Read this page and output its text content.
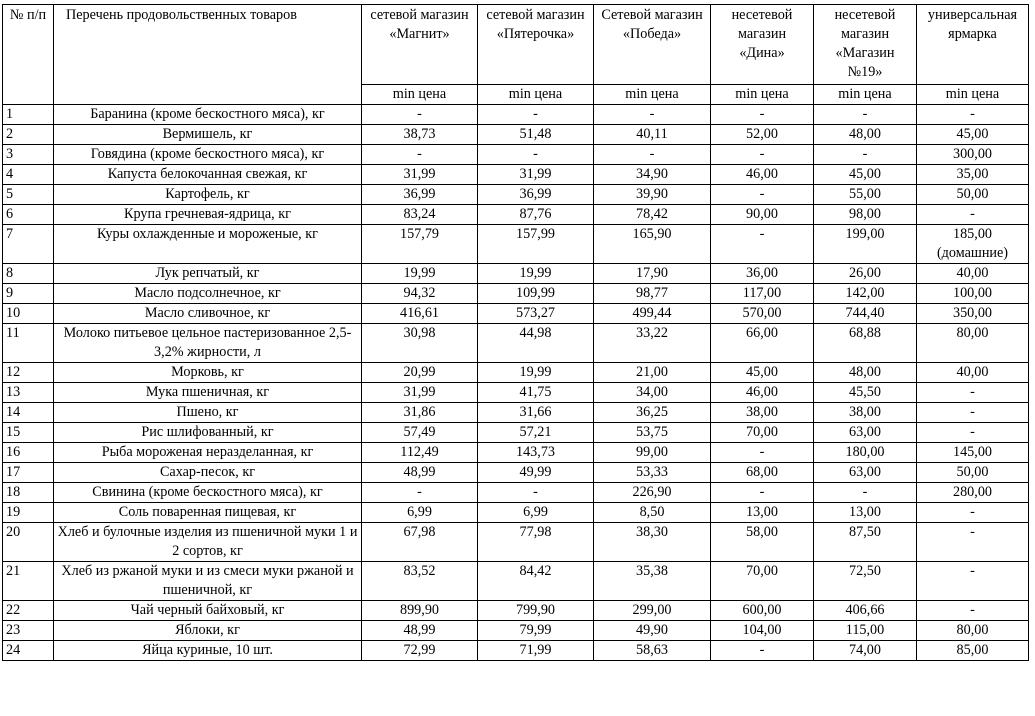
№ п/п	Перечень продовольственных товаров	сетевой магазин «Магнит»	сетевой магазин «Пятерочка»	Сетевой магазин «Победа»	несетевой магазин «Дина»	несетевой магазин «Магазин №19»	универсальная ярмарка
		min цена	min цена	min цена	min цена	min цена	min цена
1	Баранина (кроме бескостного мяса), кг	-	-	-	-	-	-
2	Вермишель, кг	38,73	51,48	40,11	52,00	48,00	45,00
3	Говядина (кроме бескостного мяса), кг	-	-	-	-	-	300,00
4	Капуста белокочанная свежая, кг	31,99	31,99	34,90	46,00	45,00	35,00
5	Картофель, кг	36,99	36,99	39,90	-	55,00	50,00
6	Крупа гречневая-ядрица, кг	83,24	87,76	78,42	90,00	98,00	-
7	Куры охлажденные и мороженые, кг	157,79	157,99	165,90	-	199,00	185,00 (домашние)
8	Лук репчатый, кг	19,99	19,99	17,90	36,00	26,00	40,00
9	Масло подсолнечное, кг	94,32	109,99	98,77	117,00	142,00	100,00
10	Масло сливочное, кг	416,61	573,27	499,44	570,00	744,40	350,00
11	Молоко питьевое цельное пастеризованное 2,5-3,2% жирности, л	30,98	44,98	33,22	66,00	68,88	80,00
12	Морковь, кг	20,99	19,99	21,00	45,00	48,00	40,00
13	Мука пшеничная, кг	31,99	41,75	34,00	46,00	45,50	-
14	Пшено, кг	31,86	31,66	36,25	38,00	38,00	-
15	Рис шлифованный, кг	57,49	57,21	53,75	70,00	63,00	-
16	Рыба мороженая неразделанная, кг	112,49	143,73	99,00	-	180,00	145,00
17	Сахар-песок, кг	48,99	49,99	53,33	68,00	63,00	50,00
18	Свинина (кроме бескостного мяса), кг	-	-	226,90	-	-	280,00
19	Соль поваренная пищевая, кг	6,99	6,99	8,50	13,00	13,00	-
20	Хлеб и булочные изделия из пшеничной муки 1 и 2 сортов, кг	67,98	77,98	38,30	58,00	87,50	-
21	Хлеб из ржаной муки и из смеси муки ржаной и пшеничной, кг	83,52	84,42	35,38	70,00	72,50	-
22	Чай черный байховый, кг	899,90	799,90	299,00	600,00	406,66	-
23	Яблоки, кг	48,99	79,99	49,90	104,00	115,00	80,00
24	Яйца куриные, 10 шт.	72,99	71,99	58,63	-	74,00	85,00
